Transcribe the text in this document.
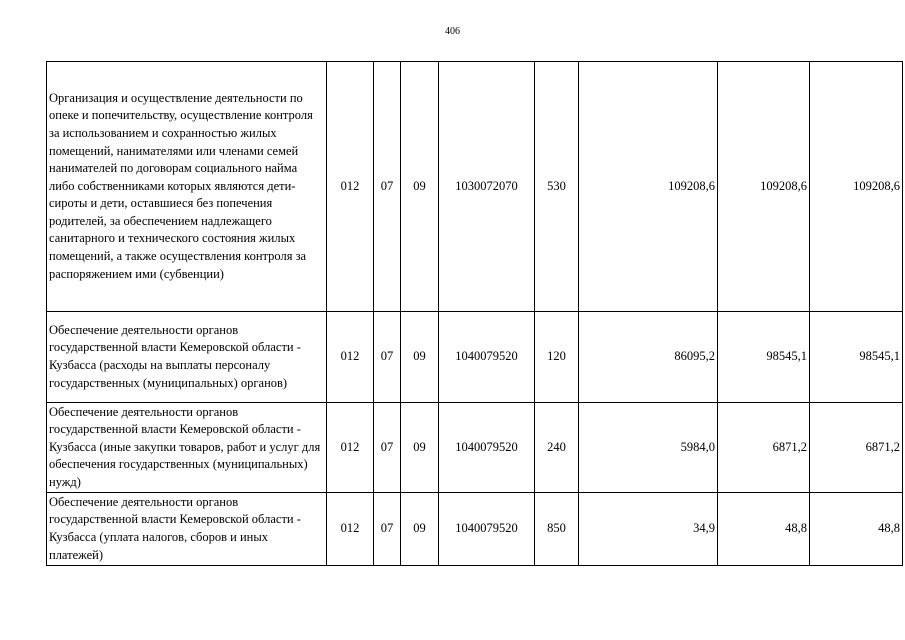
406
Организация и осуществление деятельности по опеке и попечительству, осуществление контроля за использованием и сохранностью жилых помещений, нанимателями или членами семей нанимателей по договорам социального найма либо собственниками которых являются дети-сироты и дети, оставшиеся без попечения родителей, за обеспечением надлежащего санитарного и технического состояния жилых помещений, а также осуществления контроля за распоряжением ими (субвенции)	012	07	09	1030072070	530	109208,6	109208,6	109208,6
Обеспечение деятельности органов государственной власти Кемеровской области - Кузбасса (расходы на выплаты персоналу государственных (муниципальных) органов)	012	07	09	1040079520	120	86095,2	98545,1	98545,1
Обеспечение деятельности органов государственной власти Кемеровской области - Кузбасса (иные закупки товаров, работ и услуг для обеспечения государственных (муниципальных) нужд)	012	07	09	1040079520	240	5984,0	6871,2	6871,2
Обеспечение деятельности органов государственной власти Кемеровской области - Кузбасса (уплата налогов, сборов и иных платежей)	012	07	09	1040079520	850	34,9	48,8	48,8
